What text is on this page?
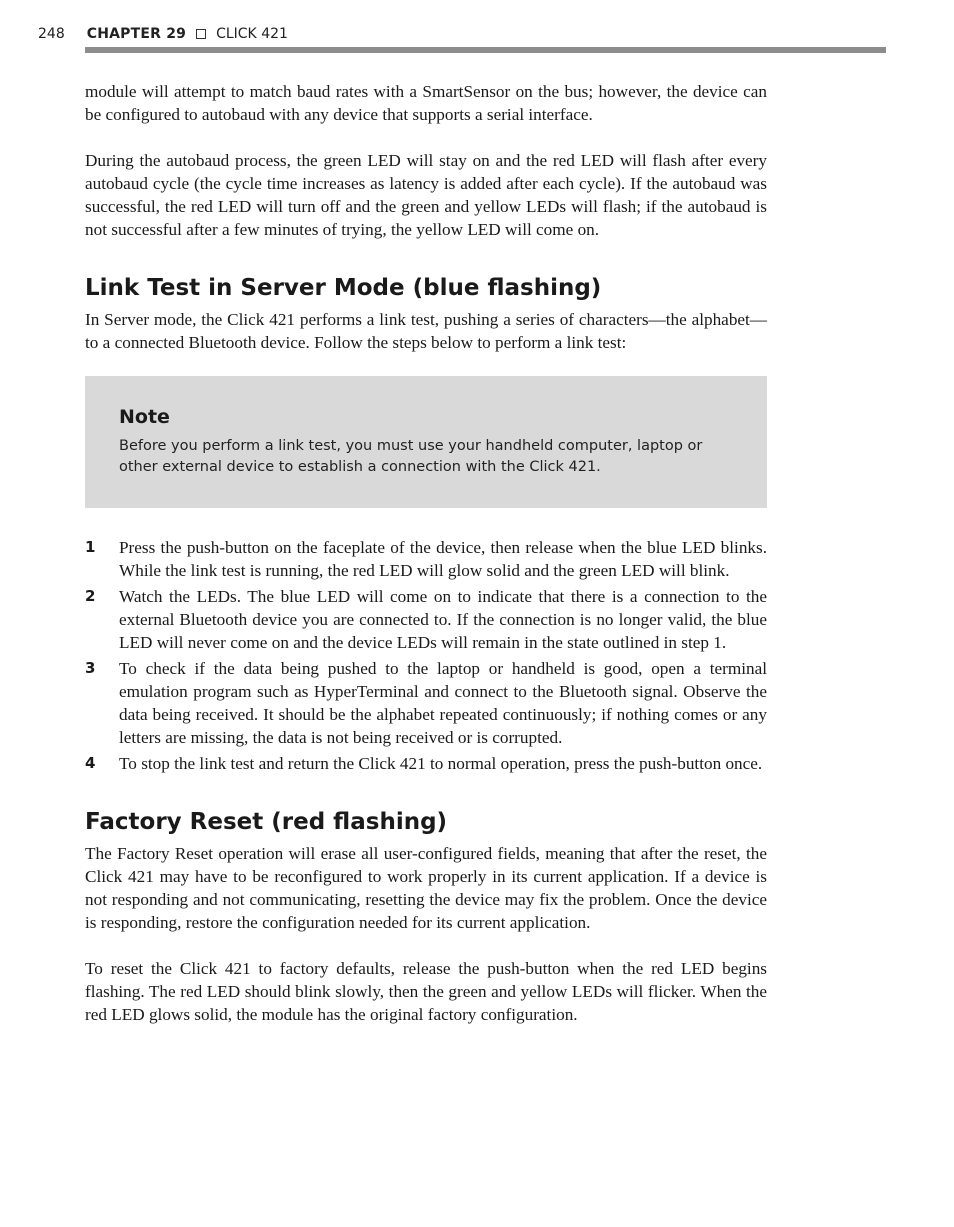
248 CHAPTER 29 CLICK 421

module will attempt to match baud rates with a SmartSensor on the bus; however, the device can be configured to autobaud with any device that supports a serial interface.

During the autobaud process, the green LED will stay on and the red LED will flash after every autobaud cycle (the cycle time increases as latency is added after each cycle). If the autobaud was successful, the red LED will turn off and the green and yellow LEDs will flash; if the autobaud is not successful after a few minutes of trying, the yellow LED will come on.

Link Test in Server Mode (blue flashing)

In Server mode, the Click 421 performs a link test, pushing a series of characters—the alphabet—to a connected Bluetooth device. Follow the steps below to perform a link test:

Note

Before you perform a link test, you must use your handheld computer, laptop or other external device to establish a connection with the Click 421.

1	Press the push-button on the faceplate of the device, then release when the blue LED blinks. While the link test is running, the red LED will glow solid and the green LED will blink.
2	Watch the LEDs. The blue LED will come on to indicate that there is a connection to the external Bluetooth device you are connected to. If the connection is no longer valid, the blue LED will never come on and the device LEDs will remain in the state outlined in step 1.
3	To check if the data being pushed to the laptop or handheld is good, open a terminal emulation program such as HyperTerminal and connect to the Bluetooth signal. Observe the data being received. It should be the alphabet repeated continuously; if nothing comes or any letters are missing, the data is not being received or is corrupted.
4	To stop the link test and return the Click 421 to normal operation, press the push-button once.
Factory Reset (red flashing)

The Factory Reset operation will erase all user-configured fields, meaning that after the reset, the Click 421 may have to be reconfigured to work properly in its current application. If a device is not responding and not communicating, resetting the device may fix the problem. Once the device is responding, restore the configuration needed for its current application.

To reset the Click 421 to factory defaults, release the push-button when the red LED begins flashing. The red LED should blink slowly, then the green and yellow LEDs will flicker. When the red LED glows solid, the module has the original factory configuration.
